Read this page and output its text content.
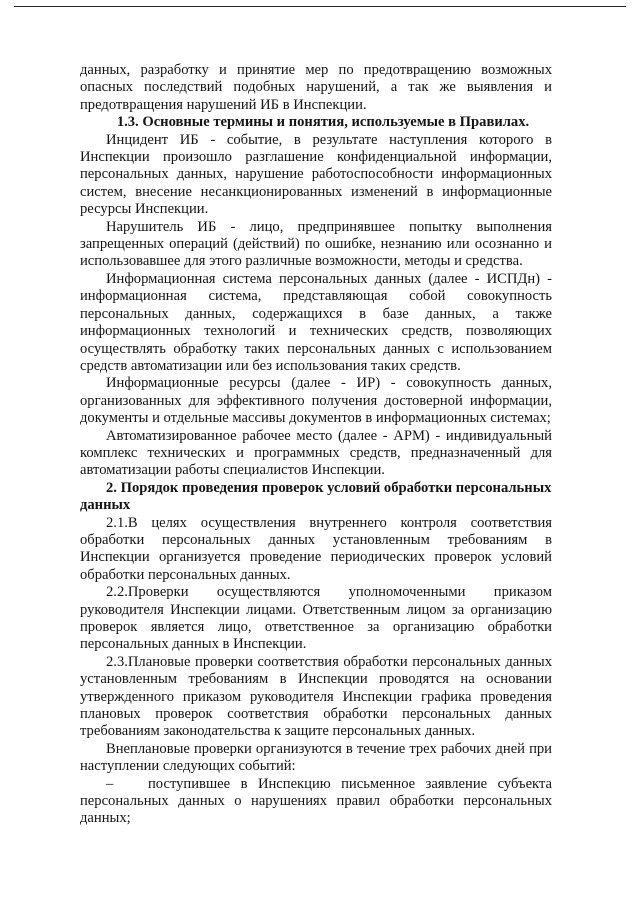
данных, разработку и принятие мер по предотвращению возможных опасных последствий подобных нарушений, а так же выявления и предотвращения нарушений ИБ в Инспекции.

1.3. Основные термины и понятия, используемые в Правилах.

Инцидент ИБ - событие, в результате наступления которого в Инспекции произошло разглашение конфиденциальной информации, персональных данных, нарушение работоспособности информационных систем, внесение несанкционированных изменений в информационные ресурсы Инспекции.

Нарушитель ИБ - лицо, предпринявшее попытку выполнения запрещенных операций (действий) по ошибке, незнанию или осознанно и использовавшее для этого различные возможности, методы и средства.

Информационная система персональных данных (далее - ИСПДн) - информационная система, представляющая собой совокупность персональных данных, содержащихся в базе данных, а также информационных технологий и технических средств, позволяющих осуществлять обработку таких персональных данных с использованием средств автоматизации или без использования таких средств.

Информационные ресурсы (далее - ИР) - совокупность данных, организованных для эффективного получения достоверной информации, документы и отдельные массивы документов в информационных системах;

Автоматизированное рабочее место (далее - АРМ) - индивидуальный комплекс технических и программных средств, предназначенный для автоматизации работы специалистов Инспекции.

2. Порядок проведения проверок условий обработки персональных данных

2.1.В целях осуществления внутреннего контроля соответствия обработки персональных данных установленным требованиям в Инспекции организуется проведение периодических проверок условий обработки персональных данных.

2.2.Проверки осуществляются уполномоченными приказом руководителя Инспекции лицами. Ответственным лицом за организацию проверок является лицо, ответственное за организацию обработки персональных данных в Инспекции.

2.3.Плановые проверки соответствия обработки персональных данных установленным требованиям в Инспекции проводятся на основании утвержденного приказом руководителя Инспекции графика проведения плановых проверок соответствия обработки персональных данных требованиям законодательства к защите персональных данных.

Внеплановые проверки организуются в течение трех рабочих дней при наступлении следующих событий:

– поступившее в Инспекцию письменное заявление субъекта персональных данных о нарушениях правил обработки персональных данных;
